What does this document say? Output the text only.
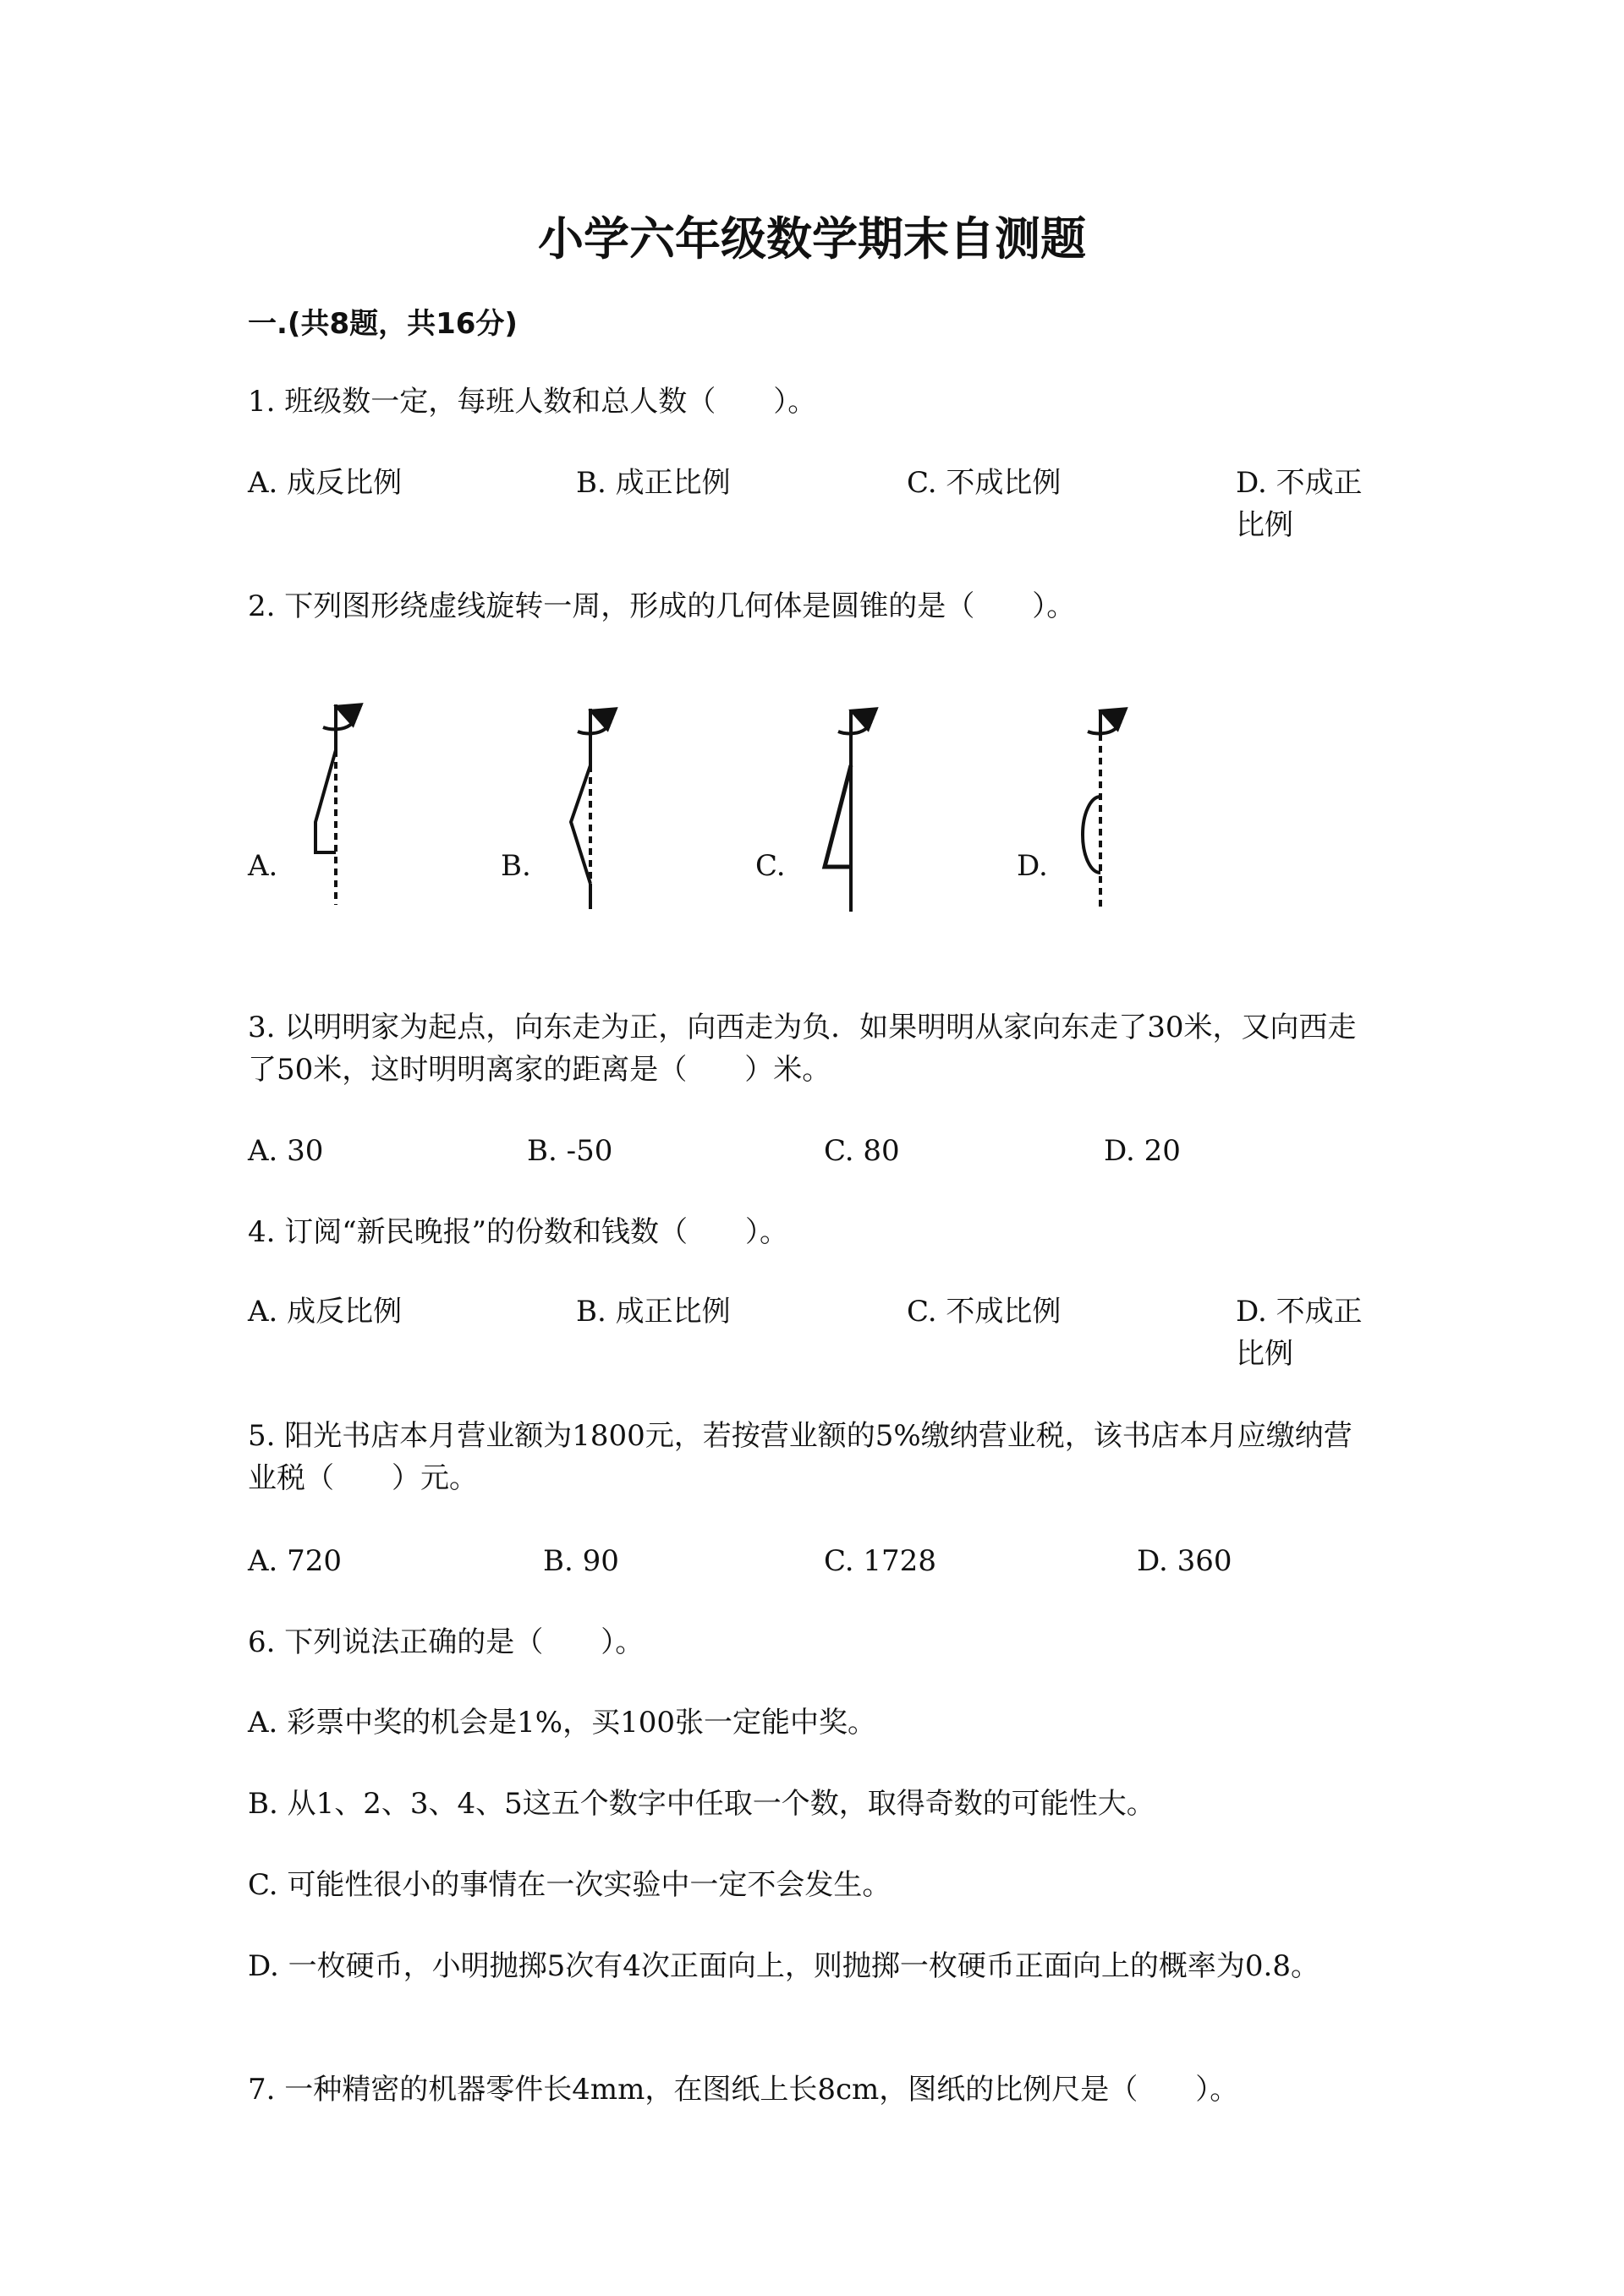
小学六年级数学期末自测题
一.(共8题，共16分)
1. 班级数一定，每班人数和总人数（　　）。
A. 成反比例	B. 成正比例	C. 不成比例	D. 不成正比例
2. 下列图形绕虚线旋转一周，形成的几何体是圆锥的是（　　）。
A.	B.	C.	D.
3. 以明明家为起点，向东走为正，向西走为负．如果明明从家向东走了30米，又向西走了50米，这时明明离家的距离是（　　）米。
A. 30	B. -50	C. 80	D. 20
4. 订阅“新民晚报”的份数和钱数（　　）。
A. 成反比例	B. 成正比例	C. 不成比例	D. 不成正比例
5. 阳光书店本月营业额为1800元，若按营业额的5%缴纳营业税，该书店本月应缴纳营业税（　　）元。
A. 720	B. 90	C. 1728	D. 360
6. 下列说法正确的是（　　）。
A. 彩票中奖的机会是1%，买100张一定能中奖。
B. 从1、2、3、4、5这五个数字中任取一个数，取得奇数的可能性大。
C. 可能性很小的事情在一次实验中一定不会发生。
D. 一枚硬币，小明抛掷5次有4次正面向上，则抛掷一枚硬币正面向上的概率为0.8。
7. 一种精密的机器零件长4mm，在图纸上长8cm，图纸的比例尺是（　　）。
